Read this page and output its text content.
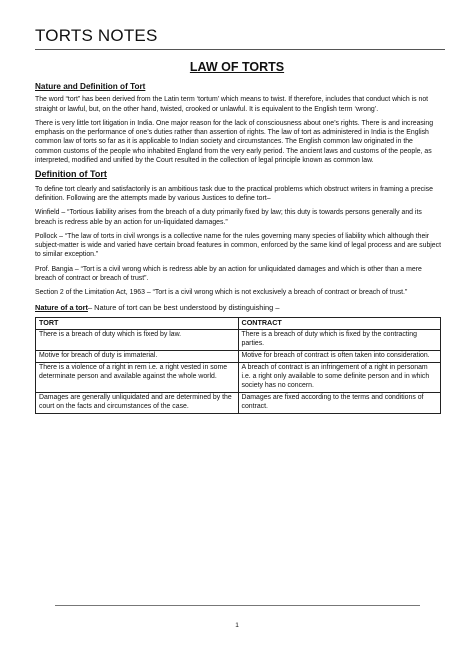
TORTS NOTES
LAW OF TORTS
Nature and Definition of Tort

The word “tort” has been derived from the Latin term ‘tortum’ which means to twist. If therefore, includes that conduct which is not straight or lawful, but, on the other hand, twisted, crooked or unlawful. It is equivalent to the English term ‘wrong’.

There is very little tort litigation in India. One major reason for the lack of consciousness about one’s rights. There is and increasing emphasis on the performance of one’s duties rather than assertion of rights. The law of tort as administered in India is the English common law of torts so far as it is applicable to Indian society and circumstances. The English common law originated in the common customs of the people who inhabited England from the very early period. The ancient laws and customs of the people, as interpreted, modified and unified by the Court resulted in the collection of legal principle known as common law.

Definition of Tort

To define tort clearly and satisfactorily is an ambitious task due to the practical problems which obstruct writers in framing a precise definition. Following are the attempts made by various Justices to define tort–

Winfield – “Tortious liability arises from the breach of a duty primarily fixed by law; this duty is towards persons generally and its breach is redress able by an action for un-liquidated damages.”

Pollock – “The law of torts in civil wrongs is a collective name for the rules governing many species of liability which although their subject-matter is wide and varied have certain broad features in common, enforced by the same kind of legal process and are subject to similar exception.”

Prof. Bangia – “Tort is a civil wrong which is redress able by an action for unliquidated damages and which is other than a mere breach of contract or breach of trust”.

Section 2 of the Limitation Act, 1963 – “Tort is a civil wrong which is not exclusively a breach of contract or breach of trust.”

Nature of a tort– Nature of tort can be best understood by distinguishing –
TORT	CONTRACT
There is a breach of duty which is fixed by law.	There is a breach of duty which is fixed by the contracting parties.
Motive for breach of duty is immaterial.	Motive for breach of contract is often taken into consideration.
There is a violence of a right in rem i.e. a right vested in some determinate person and available against the whole world.	A breach of contract is an infringement of a right in personam i.e. a right only available to some definite person and in which society has no concern.
Damages are generally unliquidated and are determined by the court on the facts and circumstances of the case.	Damages are fixed according to the terms and conditions of contract.
1
